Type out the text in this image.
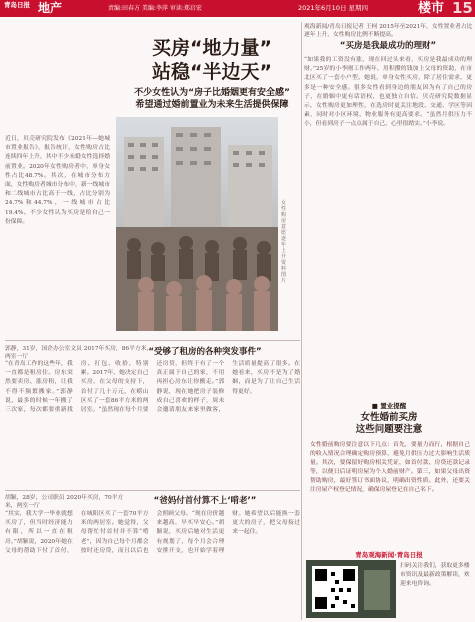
青岛日报 地产	责编:田春方 美编:李萍 审读:郑启宏	2021年6月10日 星期四	楼市 15
买房“地力量”
站稳“半边天”
不少女性认为“房子比婚姻更有安全感”
希望通过婚前置业为未来生活提供保障
近日，贝壳研究院发布《2021年—她城市置业报告》，报告统计，女性购房占比连续四年上升，其中不少未婚女性选择婚前置业。2020年女性购房者中，单身女性占比48.7%。其次，在城市分布方面，女性购房者城市分布中，新一线城市和二线城市占比高于一线，占比分别为24.7%和44.7%，一线城市占比19.4%。不少女性认为买房是给自己一份保障。
女性购房意愿逐年上升 资料图片
观海新闻/青岛日报记者 王柯 2015年至2021年，女性置业者占比逐年上升，女性购房比例不断提高。
“买房是我最成功的理财”
“如果我的工资没有涨，现在回过头来看，买房是我最成功的理财。”25岁的小李刚工作两年，用积攒的钱加上父母的资助，在市北区买了一套小户型。她说，单身女性买房，除了居住需求，更多是一种安全感。很多女性看到身边的朋友因为有了自己的房子，在婚姻中更有话语权，也更独立自信。贝壳研究院数据显示，女性购房更加理性，在选房时更关注地段、交通、学区等因素，同时对小区环境、物业服务有更高要求。“虽然月供压力不小，但看到房子一点点属于自己，心里很踏实。”小李说。
郭静，31岁，国企办公室文员 2017年买房，86平方米，两室一厅	“受够了租房的各种突发事件”
“在青岛工作的这些年，我一直都是租房住。房东突然要卖房、涨房租，让我不得不频繁搬家。”郭静说，最多的时候一年搬了三次家，每次都要重新找房、打包、收拾，特别累。2017年，她决定自己买房，在父母的支持下，首付了几十万元，在崂山区买了一套86平方米的两居室。“虽然现在每个月要还房贷，但终于有了一个真正属于自己的家，不用再担心房东让你搬走。”郭静说，现在她把房子装修成自己喜欢的样子，周末会邀请朋友来家里做客，生活质量提高了很多。在她看来，买房不是为了婚姻，而是为了让自己生活得更好。
胡颖，28岁，公司职员 2020年买房，70平方米，两室一厅	“爸妈付首付算不上‘啃老’”
“其实，我大学一毕业就想买房了，但当时经济能力有限，所以一直在租房。”胡颖说，2020年她在父母的帮助下付了首付，在城阳区买了一套70平方米的两居室。她觉得，父母帮忙付首付并不算“啃老”，因为自己每个月都会按时还房贷，而且以后也会照顾父母。“现在房价越来越高，早买早安心。”胡颖说，买房后她对生活更有规划了，每个月会合理安排开支，也开始学着理财。她希望以后能换一套更大的房子，把父母接过来一起住。
■ 置业提醒
女性婚前买房
这些问题要注意
女性婚前购房要注意以下几点：首先，要量力而行，根据自己的收入情况合理确定购房预算，避免月供压力过大影响生活质量。其次，要保留好购房相关凭证，如首付款、房贷还款记录等，以便日后证明房屋为个人婚前财产。第三，如果父母出资帮助购房，最好签订书面协议，明确出资性质。此外，还要关注房屋产权登记情况，确保房屋登记在自己名下。
青岛观海新闻·青岛日报
扫码关注我们，获取更多楼市资讯及最新政策解读，欢迎来电咨询。
